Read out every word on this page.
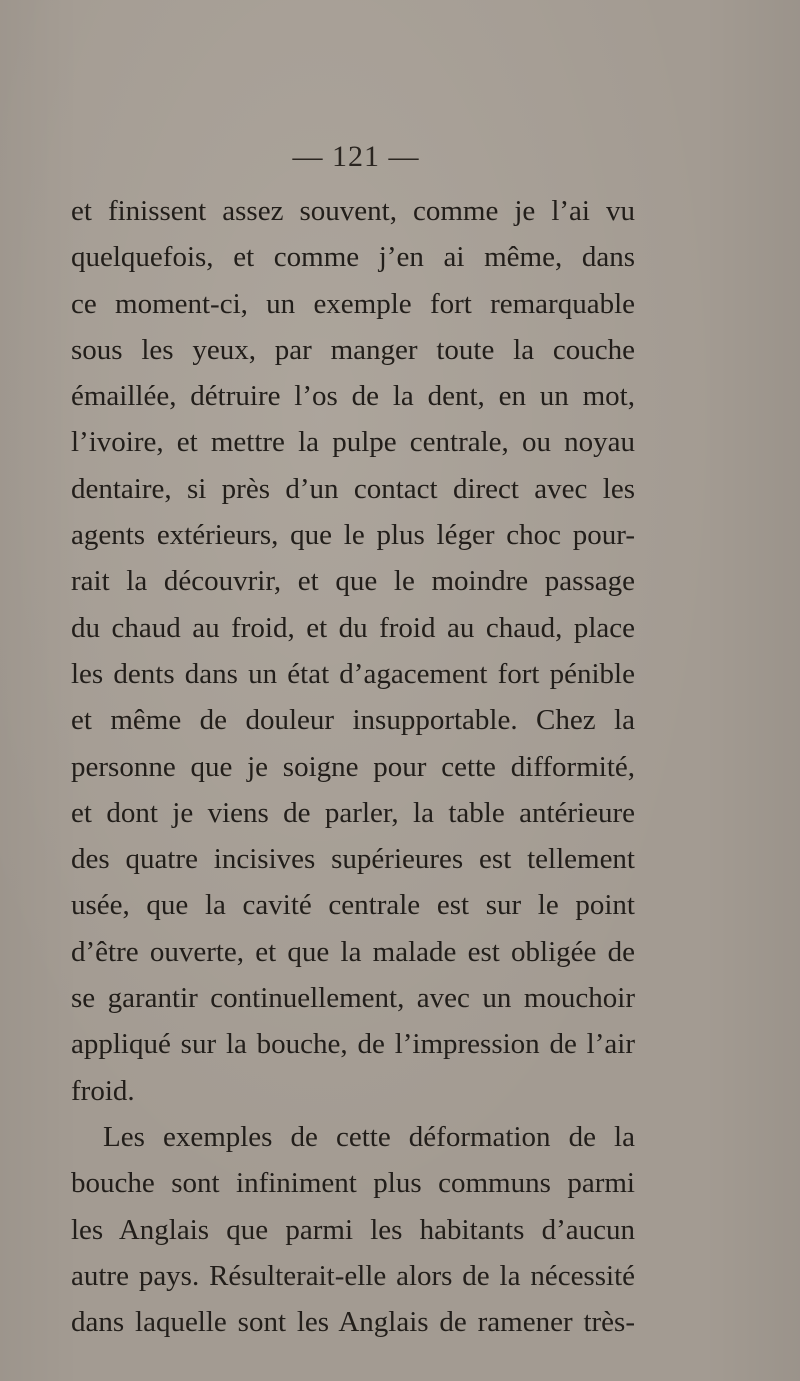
— 121 —
et finissent assez souvent, comme je l’ai vu
quelquefois, et comme j’en ai même, dans
ce moment-ci, un exemple fort remarquable
sous les yeux, par manger toute la couche
émaillée, détruire l’os de la dent, en un mot,
l’ivoire, et mettre la pulpe centrale, ou noyau
dentaire, si près d’un contact direct avec les
agents extérieurs, que le plus léger choc pour-
rait la découvrir, et que le moindre passage
du chaud au froid, et du froid au chaud, place
les dents dans un état d’agacement fort pénible
et même de douleur insupportable. Chez la
personne que je soigne pour cette difformité,
et dont je viens de parler, la table antérieure
des quatre incisives supérieures est tellement
usée, que la cavité centrale est sur le point
d’être ouverte, et que la malade est obligée de
se garantir continuellement, avec un mouchoir
appliqué sur la bouche, de l’impression de l’air
froid.
Les exemples de cette déformation de la
bouche sont infiniment plus communs parmi
les Anglais que parmi les habitants d’aucun
autre pays. Résulterait-elle alors de la nécessité
dans laquelle sont les Anglais de ramener très-
